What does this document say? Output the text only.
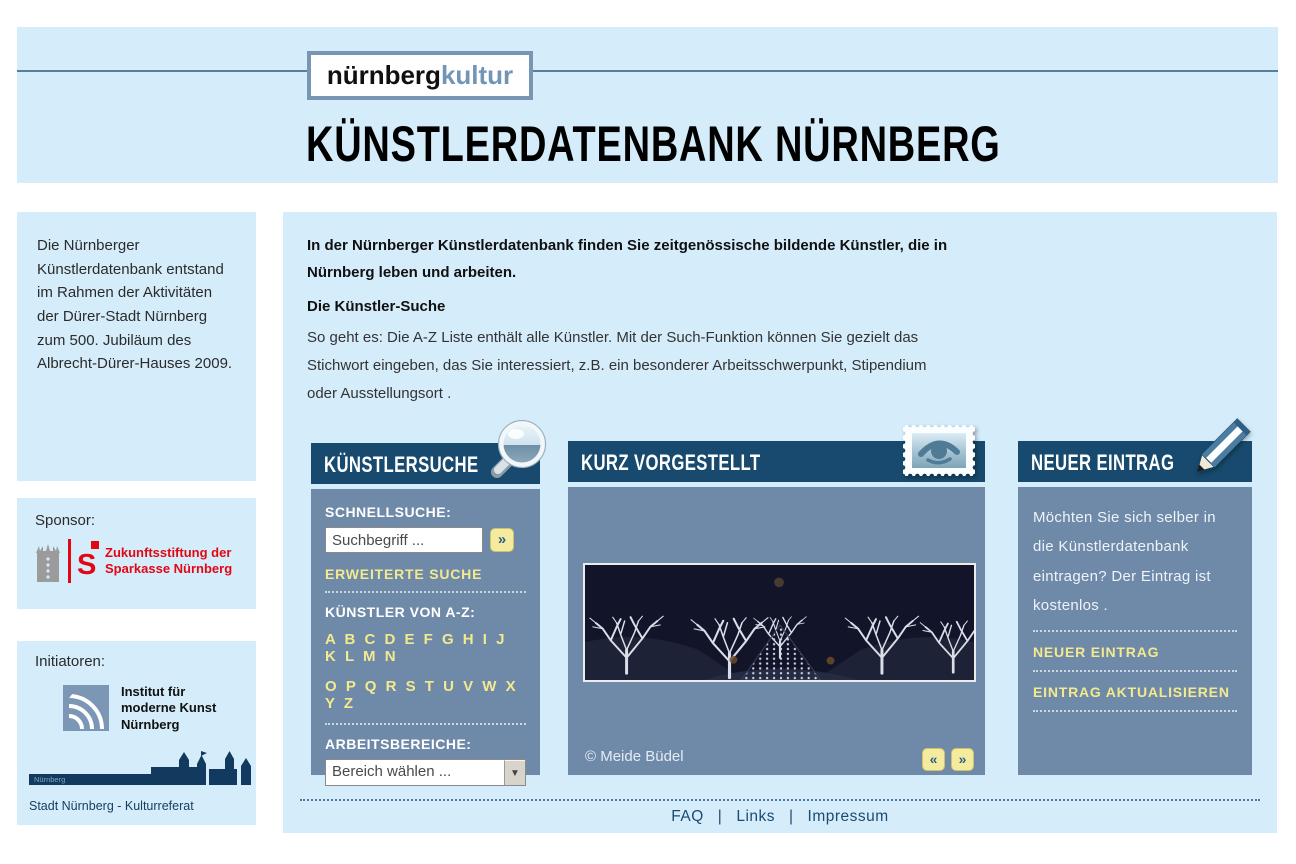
nürnbergkultur
KÜNSTLERDATENBANK NÜRNBERG
Die Nürnberger Künstlerdatenbank entstand im Rahmen der Aktivitäten der Dürer-Stadt Nürnberg zum 500. Jubiläum des Albrecht-Dürer-Hauses 2009.
Sponsor:
S Zukunftsstiftung der
Sparkasse Nürnberg
Initiatoren:
Institut für
moderne Kunst
Nürnberg
Nürnberg
Stadt Nürnberg - Kulturreferat
In der Nürnberger Künstlerdatenbank finden Sie zeitgenössische bildende Künstler, die in Nürnberg leben und arbeiten.
Die Künstler-Suche
So geht es: Die A-Z Liste enthält alle Künstler. Mit der Such-Funktion können Sie gezielt das Stichwort eingeben, das Sie interessiert, z.B. ein besonderer Arbeitsschwerpunkt, Stipendium oder Ausstellungsort .
KÜNSTLERSUCHE
SCHNELLSUCHE:
Suchbegriff ...
»
ERWEITERTE SUCHE
KÜNSTLER VON A-Z:
A B C D E F G H I J K L M N
O P Q R S T U V W X Y Z
ARBEITSBEREICHE:
Bereich wählen ...	▼
KURZ VORGESTELLT
© Meide Büdel	«	»
NEUER EINTRAG
Möchten Sie sich selber in die Künstlerdatenbank eintragen? Der Eintrag ist kostenlos .
NEUER EINTRAG
EINTRAG AKTUALISIEREN
FAQ | Links | Impressum
